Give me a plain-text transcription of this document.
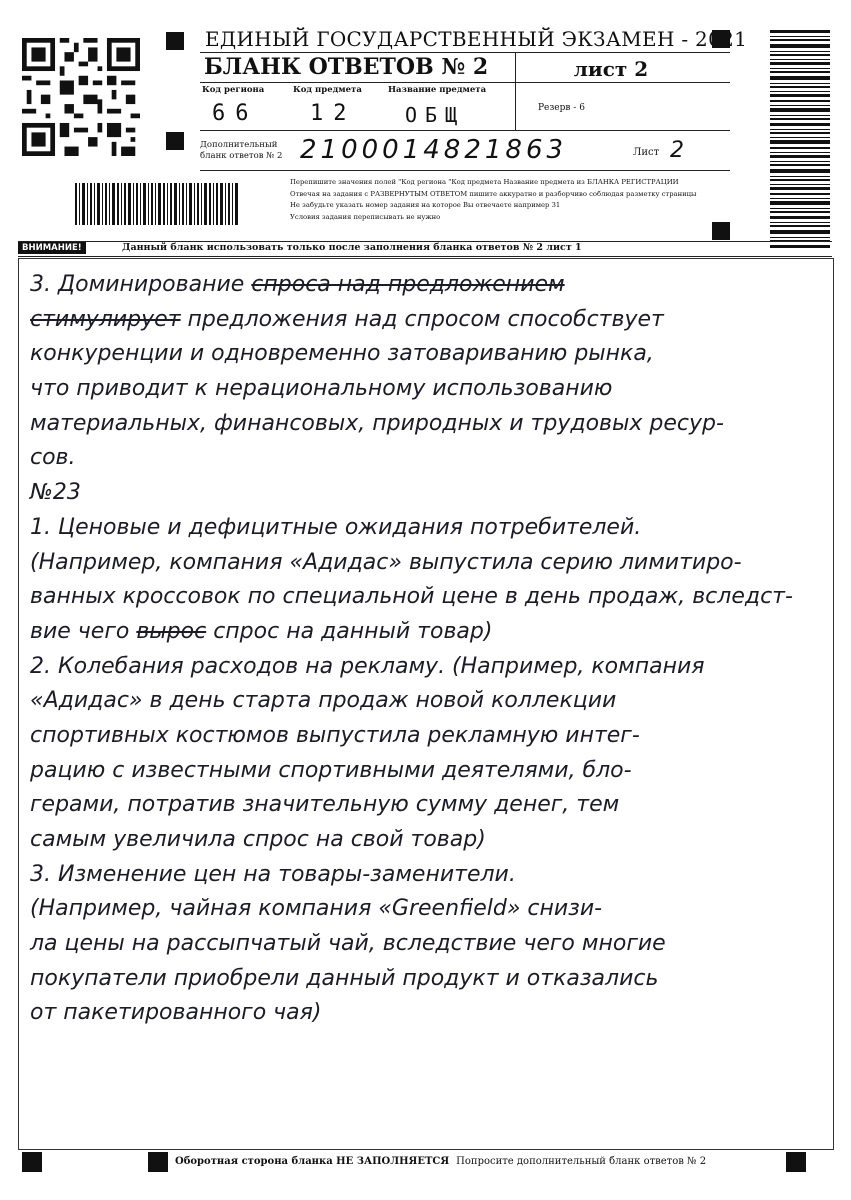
ЕДИНЫЙ ГОСУДАРСТВЕННЫЙ ЭКЗАМЕН - 2021
БЛАНК ОТВЕТОВ № 2	лист 2
Код региона	Код предмета	Название предмета
66 12 ОБЩ	Резерв - 6
Дополнительный бланк ответов № 2 2100014821863	Лист 2
Перепишите значения полей "Код региона "Код предмета Название предмета из БЛАНКА РЕГИСТРАЦИИ
Отвечая на задания с РАЗВЕРНУТЫМ ОТВЕТОМ пишите аккуратно и разборчиво соблюдая разметку страницы
Не забудьте указать номер задания на которое Вы отвечаете например 31
Условия задания переписывать не нужно
ВНИМАНИЕ!	Данный бланк использовать только после заполнения бланка ответов № 2 лист 1
3. Доминирование спроса над предложением
стимулирует предложения над спросом способствует
конкуренции и одновременно затовариванию рынка,
что приводит к нерациональному использованию
материальных, финансовых, природных и трудовых ресур-
сов.
№23
1. Ценовые и дефицитные ожидания потребителей.
(Например, компания «Адидас» выпустила серию лимитиро-
ванных кроссовок по специальной цене в день продаж, вследст-
вие чего вырос спрос на данный товар)
2. Колебания расходов на рекламу. (Например, компания
«Адидас» в день старта продаж новой коллекции
спортивных костюмов выпустила рекламную интег-
рацию с известными спортивными деятелями, бло-
герами, потратив значительную сумму денег, тем
самым увеличила спрос на свой товар)
3. Изменение цен на товары-заменители.
(Например, чайная компания «Greenfield» снизи-
ла цены на рассыпчатый чай, вследствие чего многие
покупатели приобрели данный продукт и отказались
от пакетированного чая)
Оборотная сторона бланка НЕ ЗАПОЛНЯЕТСЯ Попросите дополнительный бланк ответов № 2
